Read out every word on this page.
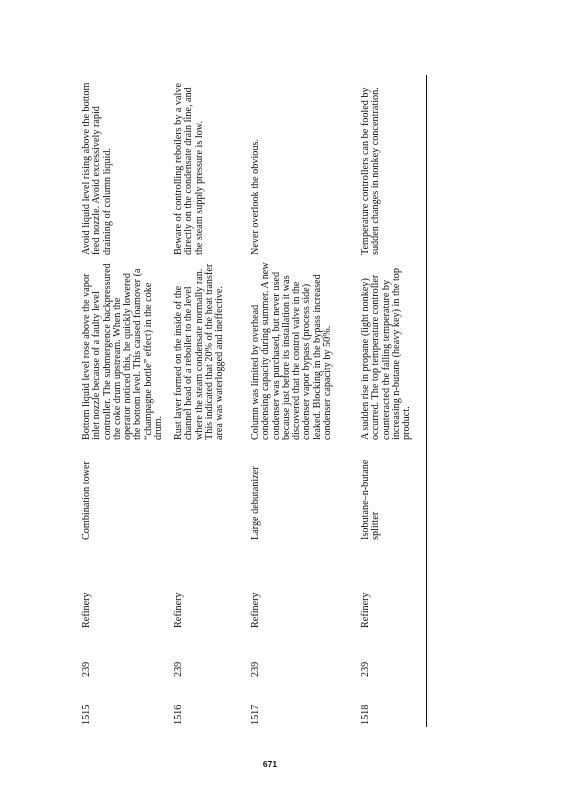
1515
239
Refinery
Combination tower
Bottom liquid level rose above the vapor inlet nozzle because of a faulty level controller. The submergence backpressured the coke drum upstream. When the operator noticed this, he quickly lowered the bottom level. This caused foamover (a “champagne bottle” effect) in the coke drum.
Avoid liquid level rising above the bottom feed nozzle. Avoid excessively rapid draining of column liquid.
1516
239
Refinery
Rust layer formed on the inside of the channel head of a reboiler to the level where the steam condensate normally ran. This indicated that 20% of the heat transfer area was waterlogged and ineffective.
Beware of controlling reboilers by a valve directly on the condensate drain line, and the steam supply pressure is low.
1517
239
Refinery
Large debutanizer
Column was limited by overhead condensing capacity during summer. A new condenser was purchased, but never used because just before its installation it was discovered that the control valve in the condenser vapor bypass (process side) leaked. Blocking in the bypass increased condenser capacity by 50%.
Never overlook the obvious.
1518
239
Refinery
Isobutane–n-butane splitter
A sudden rise in propane (light nonkey) occurred. The top temperature controller counteracted the falling temperature by increasing n-butane (heavy key) in the top product.
Temperature controllers can be fooled by sudden changes in nonkey concentration.
671
